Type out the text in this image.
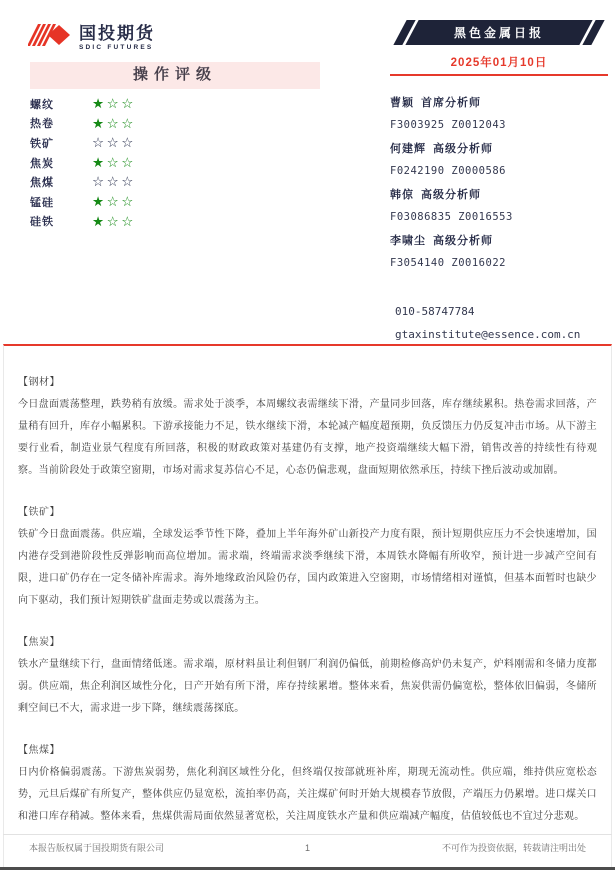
国投期货
SDIC FUTURES
黑色金属日报
2025年01月10日
操作评级
螺纹	★☆☆
热卷	★☆☆
铁矿	☆☆☆
焦炭	★☆☆
焦煤	☆☆☆
锰硅	★☆☆
硅铁	★☆☆
曹颖 首席分析师
F3003925 Z0012043
何建辉 高级分析师
F0242190 Z0000586
韩倞 高级分析师
F03086835 Z0016553
李啸尘 高级分析师
F3054140 Z0016022
010-58747784
gtaxinstitute@essence.com.cn
【钢材】
今日盘面震荡整理，跌势稍有放缓。需求处于淡季，本周螺纹表需继续下滑，产量同步回落，库存继续累积。热卷需求回落，产量稍有回升，库存小幅累积。下游承接能力不足，铁水继续下滑，本轮减产幅度超预期，负反馈压力仍反复冲击市场。从下游主要行业看，制造业景气程度有所回落，积极的财政政策对基建仍有支撑，地产投资端继续大幅下滑，销售改善的持续性有待观察。当前阶段处于政策空窗期，市场对需求复苏信心不足，心态仍偏悲观，盘面短期依然承压，持续下挫后波动或加剧。
【铁矿】
铁矿今日盘面震荡。供应端，全球发运季节性下降，叠加上半年海外矿山新投产力度有限，预计短期供应压力不会快速增加，国内港存受到港阶段性反弹影响而高位增加。需求端，终端需求淡季继续下滑，本周铁水降幅有所收窄，预计进一步减产空间有限，进口矿仍存在一定冬储补库需求。海外地缘政治风险仍存，国内政策进入空窗期，市场情绪相对谨慎，但基本面暂时也缺少向下驱动，我们预计短期铁矿盘面走势或以震荡为主。
【焦炭】
铁水产量继续下行，盘面情绪低迷。需求端，原材料虽让利但钢厂利润仍偏低，前期检修高炉仍未复产，炉料刚需和冬储力度都弱。供应端，焦企利润区域性分化，日产开始有所下滑，库存持续累增。整体来看，焦炭供需仍偏宽松，整体依旧偏弱，冬储所剩空间已不大，需求进一步下降，继续震荡探底。
【焦煤】
日内价格偏弱震荡。下游焦炭弱势，焦化利润区域性分化，但终端仅按部就班补库，期现无流动性。供应端，维持供应宽松态势，元旦后煤矿有所复产，整体供应仍显宽松，流拍率仍高，关注煤矿何时开始大规模春节放假，产端压力仍累增。进口煤关口和港口库存稍减。整体来看，焦煤供需局面依然显著宽松，关注周度铁水产量和供应端减产幅度，估值较低也不宜过分悲观。
本报告版权属于国投期货有限公司	1	不可作为投资依据，转载请注明出处
